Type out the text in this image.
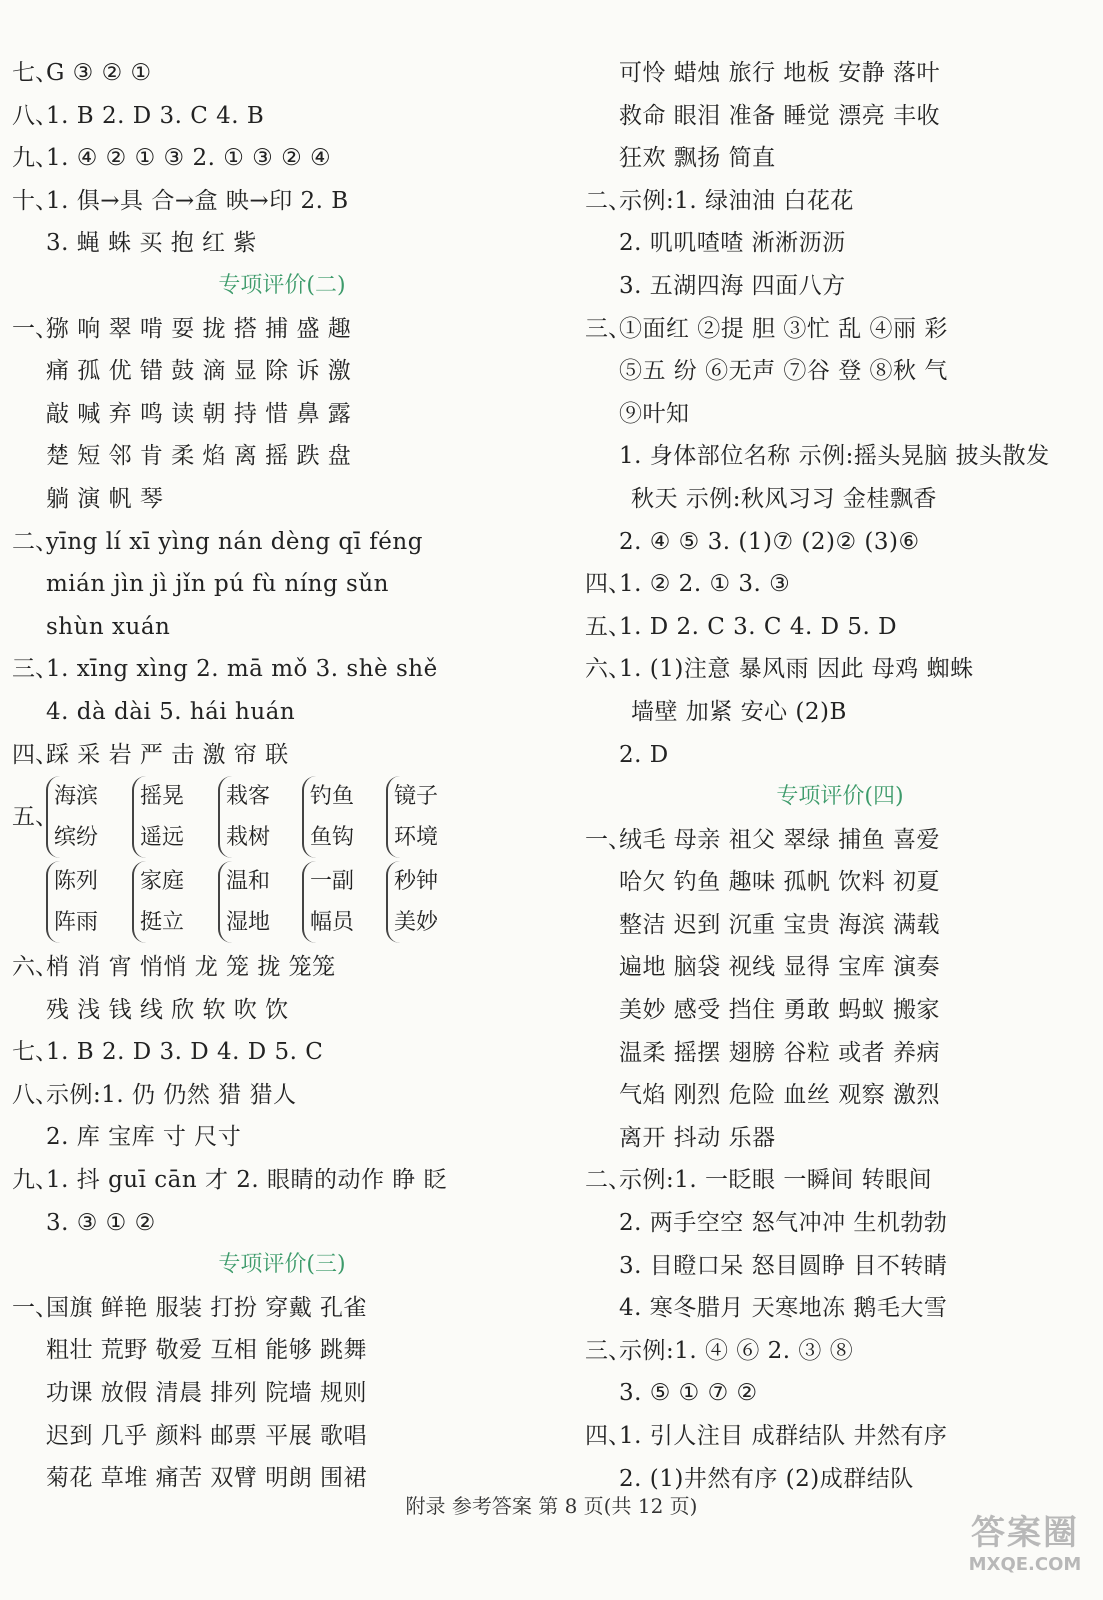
七、G ③ ② ①
八、1. B 2. D 3. C 4. B
九、1. ④ ② ① ③ 2. ① ③ ② ④
十、1. 俱→具 合→盒 映→印 2. B
3. 蝇 蛛 买 抱 红 紫
专项评价(二)
一、猕 响 翠 啃 耍 拢 搭 捕 盛 趣
痛 孤 优 错 鼓 滴 显 除 诉 激
敲 喊 弃 鸣 读 朝 持 惜 鼻 露
楚 短 邻 肯 柔 焰 离 摇 跌 盘
躺 演 帆 琴
二、yīng lí xī yìng nán dèng qī féng
mián jìn jì jǐn pú fù níng sǔn
shùn xuán
三、1. xīng xìng 2. mā mǒ 3. shè shě
4. dà dài 5. hái huán
四、踩 采 岩 严 击 激 帘 联
五、
海滨
缤纷
摇晃
遥远
栽客
栽树
钓鱼
鱼钩
镜子
环境
陈列
阵雨
家庭
挺立
温和
湿地
一副
幅员
秒钟
美妙
六、梢 消 宵 悄悄 龙 笼 拢 笼笼
残 浅 钱 线 欣 软 吹 饮
七、1. B 2. D 3. D 4. D 5. C
八、示例:1. 仍 仍然 猎 猎人
2. 库 宝库 寸 尺寸
九、1. 抖 guī cān 才 2. 眼睛的动作 睁 眨
3. ③ ① ②
专项评价(三)
一、国旗 鲜艳 服装 打扮 穿戴 孔雀
粗壮 荒野 敬爱 互相 能够 跳舞
功课 放假 清晨 排列 院墙 规则
迟到 几乎 颜料 邮票 平展 歌唱
菊花 草堆 痛苦 双臂 明朗 围裙
可怜 蜡烛 旅行 地板 安静 落叶
救命 眼泪 准备 睡觉 漂亮 丰收
狂欢 飘扬 简直
二、示例:1. 绿油油 白花花
2. 叽叽喳喳 淅淅沥沥
3. 五湖四海 四面八方
三、①面红 ②提 胆 ③忙 乱 ④丽 彩
⑤五 纷 ⑥无声 ⑦谷 登 ⑧秋 气
⑨叶知
1. 身体部位名称 示例:摇头晃脑 披头散发
秋天 示例:秋风习习 金桂飘香
2. ④ ⑤ 3. (1)⑦ (2)② (3)⑥
四、1. ② 2. ① 3. ③
五、1. D 2. C 3. C 4. D 5. D
六、1. (1)注意 暴风雨 因此 母鸡 蜘蛛
墙壁 加紧 安心 (2)B
2. D
专项评价(四)
一、绒毛 母亲 祖父 翠绿 捕鱼 喜爱
哈欠 钓鱼 趣味 孤帆 饮料 初夏
整洁 迟到 沉重 宝贵 海滨 满载
遍地 脑袋 视线 显得 宝库 演奏
美妙 感受 挡住 勇敢 蚂蚁 搬家
温柔 摇摆 翅膀 谷粒 或者 养病
气焰 刚烈 危险 血丝 观察 激烈
离开 抖动 乐器
二、示例:1. 一眨眼 一瞬间 转眼间
2. 两手空空 怒气冲冲 生机勃勃
3. 目瞪口呆 怒目圆睁 目不转睛
4. 寒冬腊月 天寒地冻 鹅毛大雪
三、示例:1. ④ ⑥ 2. ③ ⑧
3. ⑤ ① ⑦ ②
四、1. 引人注目 成群结队 井然有序
2. (1)井然有序 (2)成群结队
附录 参考答案 第 8 页(共 12 页)
答案圈
MXQE.COM
